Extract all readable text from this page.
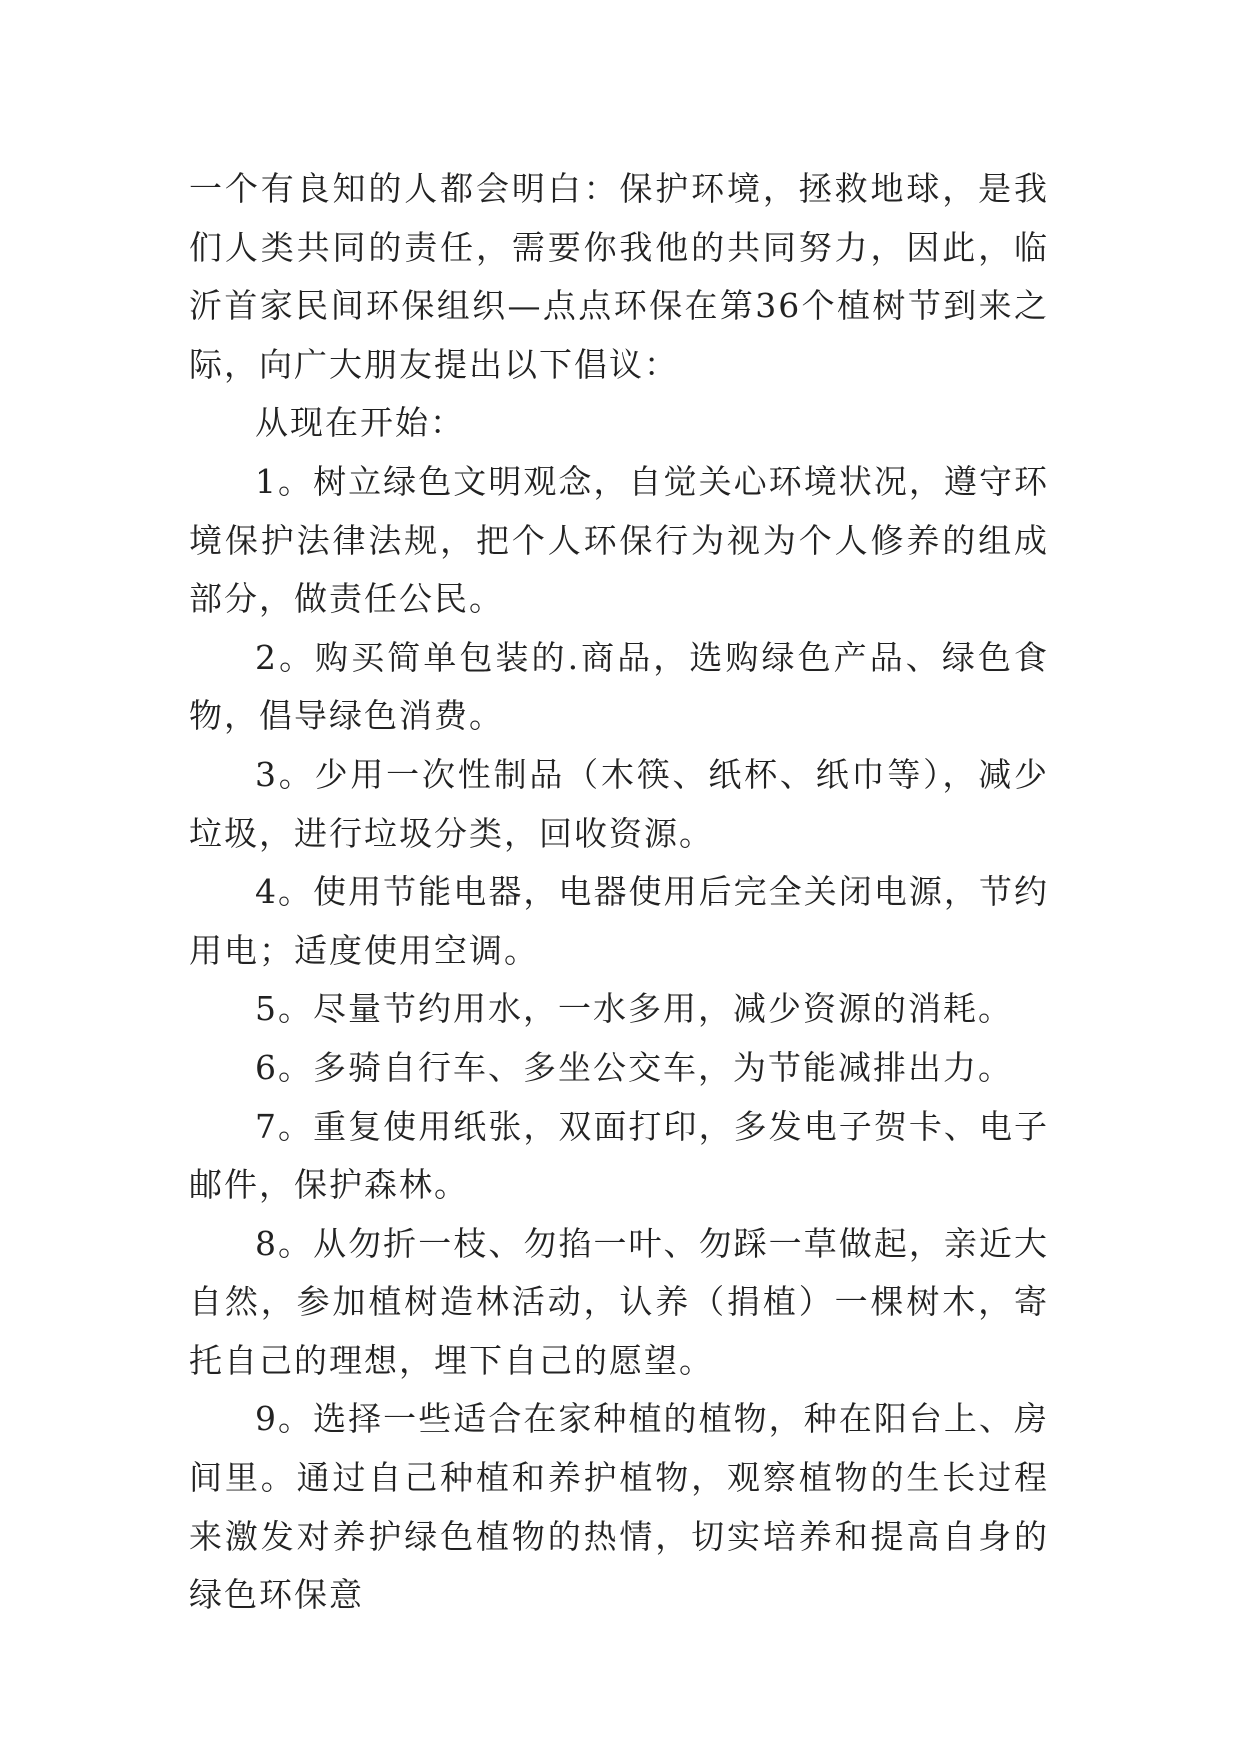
一个有良知的人都会明白：保护环境，拯救地球，是我们人类共同的责任，需要你我他的共同努力，因此，临沂首家民间环保组织—点点环保在第36个植树节到来之际，向广大朋友提出以下倡议：

从现在开始：

1。树立绿色文明观念，自觉关心环境状况，遵守环境保护法律法规，把个人环保行为视为个人修养的组成部分，做责任公民。

2。购买简单包装的.商品，选购绿色产品、绿色食物，倡导绿色消费。

3。少用一次性制品（木筷、纸杯、纸巾等），减少垃圾，进行垃圾分类，回收资源。

4。使用节能电器，电器使用后完全关闭电源，节约用电；适度使用空调。

5。尽量节约用水，一水多用，减少资源的消耗。

6。多骑自行车、多坐公交车，为节能减排出力。

7。重复使用纸张，双面打印，多发电子贺卡、电子邮件，保护森林。

8。从勿折一枝、勿掐一叶、勿踩一草做起，亲近大自然，参加植树造林活动，认养（捐植）一棵树木，寄托自己的理想，埋下自己的愿望。

9。选择一些适合在家种植的植物，种在阳台上、房间里。通过自己种植和养护植物，观察植物的生长过程来激发对养护绿色植物的热情，切实培养和提高自身的绿色环保意
